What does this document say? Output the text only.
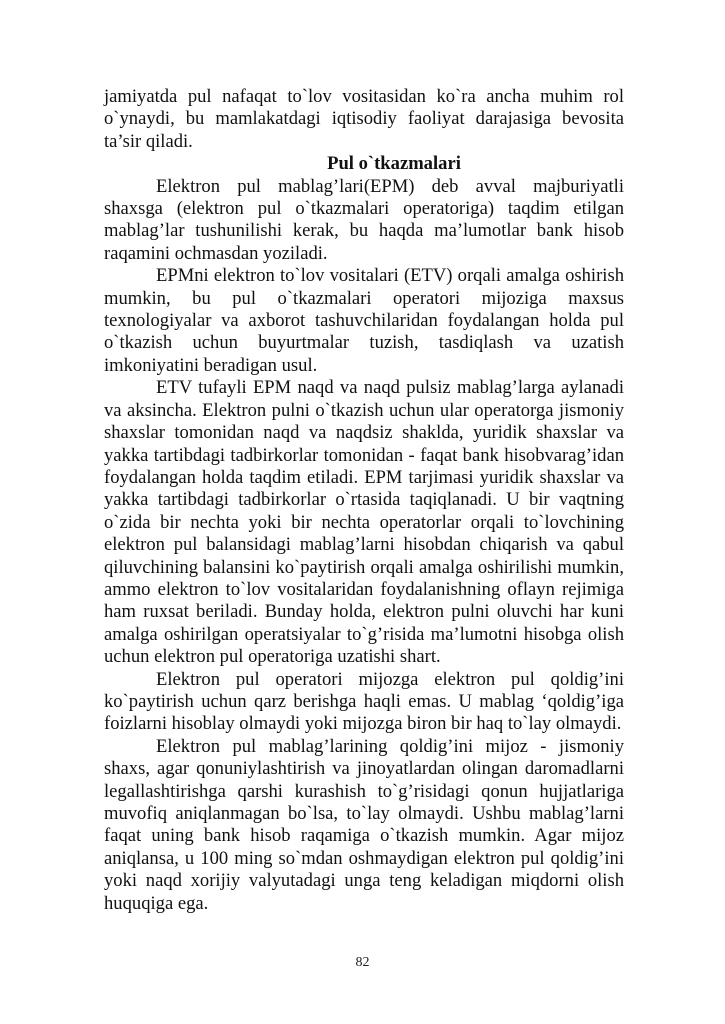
jamiyatda pul nafaqat to`lov vositasidan ko`ra ancha muhim rol o`ynaydi, bu mamlakatdagi iqtisodiy faoliyat darajasiga bevosita ta’sir qiladi.

Pul o`tkazmalari

Elektron pul mablag’lari(EPM) deb avval majburiyatli shaxsga (elektron pul o`tkazmalari operatoriga) taqdim etilgan mablag’lar tushunilishi kerak, bu haqda ma’lumotlar bank hisob raqamini ochmasdan yoziladi.

EPMni elektron to`lov vositalari (ETV) orqali amalga oshirish mumkin, bu pul o`tkazmalari operatori mijoziga maxsus texnologiyalar va axborot tashuvchilaridan foydalangan holda pul o`tkazish uchun buyurtmalar tuzish, tasdiqlash va uzatish imkoniyatini beradigan usul.

ETV tufayli EPM naqd va naqd pulsiz mablag’larga aylanadi va aksincha. Elektron pulni o`tkazish uchun ular operatorga jismoniy shaxslar tomonidan naqd va naqdsiz shaklda, yuridik shaxslar va yakka tartibdagi tadbirkorlar tomonidan - faqat bank hisobvarag’idan foydalangan holda taqdim etiladi. EPM tarjimasi yuridik shaxslar va yakka tartibdagi tadbirkorlar o`rtasida taqiqlanadi. U bir vaqtning o`zida bir nechta yoki bir nechta operatorlar orqali to`lovchining elektron pul balansidagi mablag’larni hisobdan chiqarish va qabul qiluvchining balansini ko`paytirish orqali amalga oshirilishi mumkin, ammo elektron to`lov vositalaridan foydalanishning oflayn rejimiga ham ruxsat beriladi. Bunday holda, elektron pulni oluvchi har kuni amalga oshirilgan operatsiyalar to`g’risida ma’lumotni hisobga olish uchun elektron pul operatoriga uzatishi shart.

Elektron pul operatori mijozga elektron pul qoldig’ini ko`paytirish uchun qarz berishga haqli emas. U mablag ‘qoldig’iga foizlarni hisoblay olmaydi yoki mijozga biron bir haq to`lay olmaydi.

Elektron pul mablag’larining qoldig’ini mijoz - jismoniy shaxs, agar qonuniylashtirish va jinoyatlardan olingan daromadlarni legallashtirishga qarshi kurashish to`g’risidagi qonun hujjatlariga muvofiq aniqlanmagan bo`lsa, to`lay olmaydi. Ushbu mablag’larni faqat uning bank hisob raqamiga o`tkazish mumkin. Agar mijoz aniqlansa, u 100 ming so`mdan oshmaydigan elektron pul qoldig’ini yoki naqd xorijiy valyutadagi unga teng keladigan miqdorni olish huquqiga ega.

82
